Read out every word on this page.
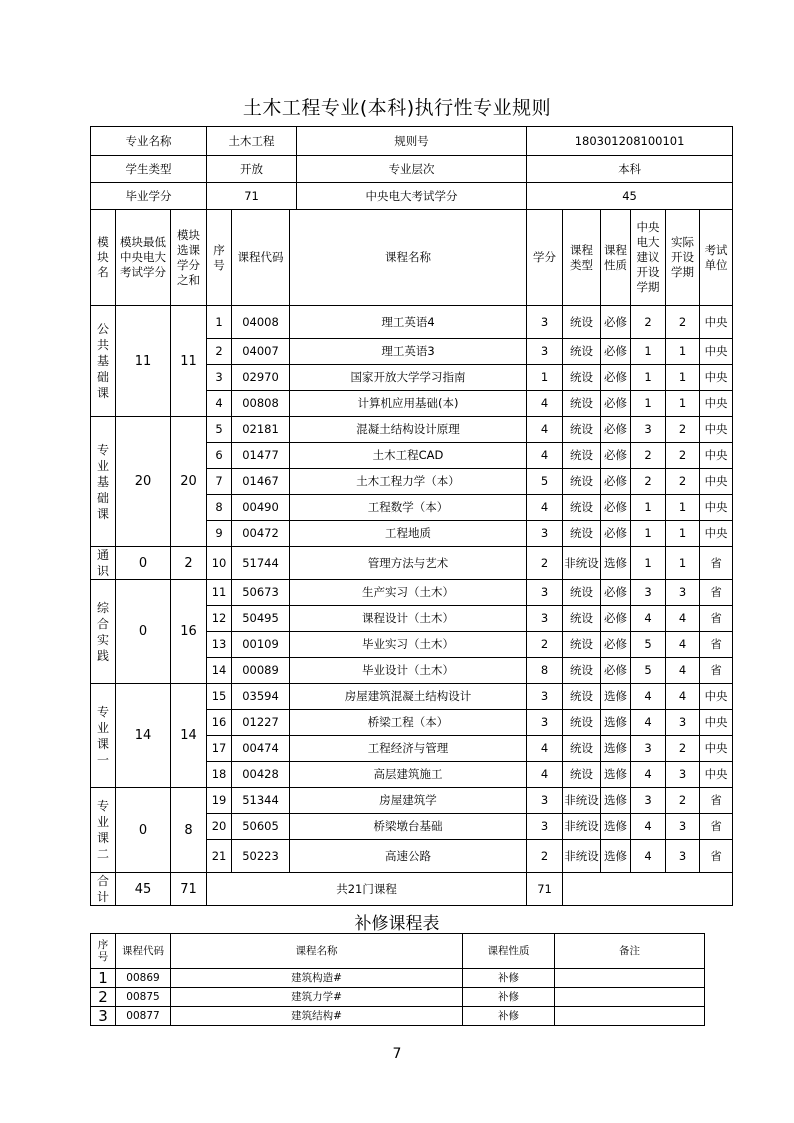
土木工程专业(本科)执行性专业规则
专业名称			土木工程 规则号			180301208100101					
学生类型			开放 专业层次			本科					
毕业学分			71 中央电大考试学分			45					
模块名	模块最低中央电大考试学分	模块选课学分之和	序号	课程代码	课程名称	学分	课程类型	课程性质	中央电大建议开设学期	实际开设学期	考试单位
公共基础课	11	11	1	04008	理工英语4	3	统设	必修	2	2	中央
			2	04007	理工英语3	3	统设	必修	1	1	中央
			3	02970	国家开放大学学习指南	1	统设	必修	1	1	中央
			4	00808	计算机应用基础(本)	4	统设	必修	1	1	中央
专业基础课	20	20	5	02181	混凝土结构设计原理	4	统设	必修	3	2	中央
			6	01477	土木工程CAD	4	统设	必修	2	2	中央
			7	01467	土木工程力学（本）	5	统设	必修	2	2	中央
			8	00490	工程数学（本）	4	统设	必修	1	1	中央
			9	00472	工程地质	3	统设	必修	1	1	中央
通识	0	2	10	51744	管理方法与艺术	2	非统设	选修	1	1	省
综合实践	0	16	11	50673	生产实习（土木）	3	统设	必修	3	3	省
			12	50495	课程设计（土木）	3	统设	必修	4	4	省
			13	00109	毕业实习（土木）	2	统设	必修	5	4	省
			14	00089	毕业设计（土木）	8	统设	必修	5	4	省
专业课一	14	14	15	03594	房屋建筑混凝土结构设计	3	统设	选修	4	4	中央
			16	01227	桥梁工程（本）	3	统设	选修	4	3	中央
			17	00474	工程经济与管理	4	统设	选修	3	2	中央
			18	00428	高层建筑施工	4	统设	选修	4	3	中央
专业课二	0	8	19	51344	房屋建筑学	3	非统设	选修	3	2	省
			20	50605	桥梁墩台基础	3	非统设	选修	4	3	省
			21	50223	高速公路	2	非统设	选修	4	3	省
合计	45	71	共21门课程			71					
补修课程表
序号	课程代码	课程名称	课程性质	备注
1	00869	建筑构造#	补修	
2	00875	建筑力学#	补修	
3	00877	建筑结构#	补修	
7
